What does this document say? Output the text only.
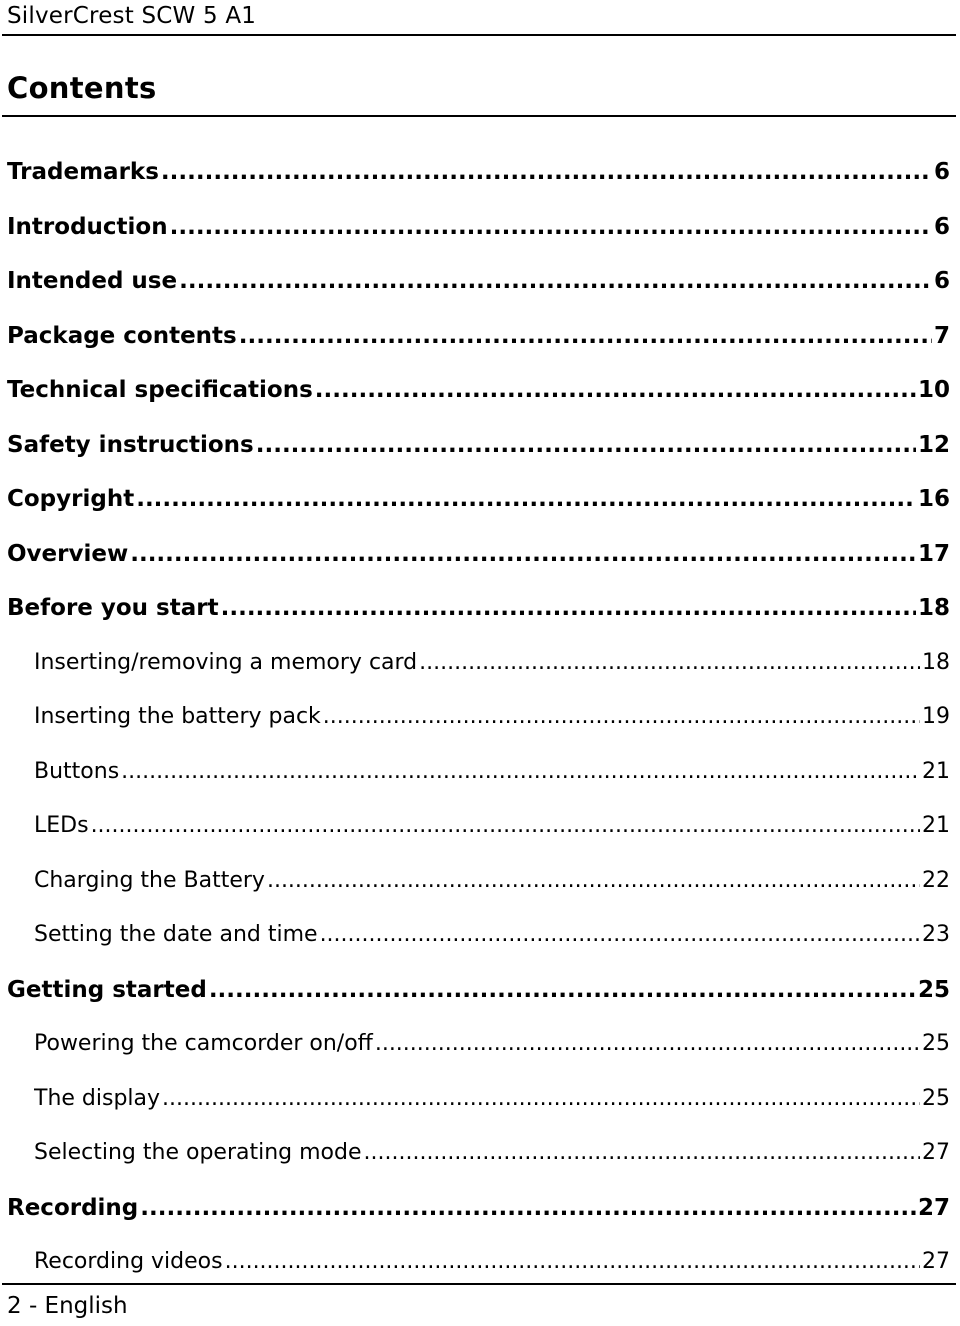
SilverCrest SCW 5 A1
Contents
Trademarks .....	6
Introduction .....	6
Intended use .....	6
Package contents .....	7
Technical specifications .....	10
Safety instructions .....	12
Copyright .....	16
Overview .....	17
Before you start .....	18
Inserting/removing a memory card .....	18
Inserting the battery pack .....	19
Buttons .....	21
LEDs .....	21
Charging the Battery .....	22
Setting the date and time .....	23
Getting started .....	25
Powering the camcorder on/off .....	25
The display .....	25
Selecting the operating mode .....	27
Recording .....	27
Recording videos .....	27
2 - English
